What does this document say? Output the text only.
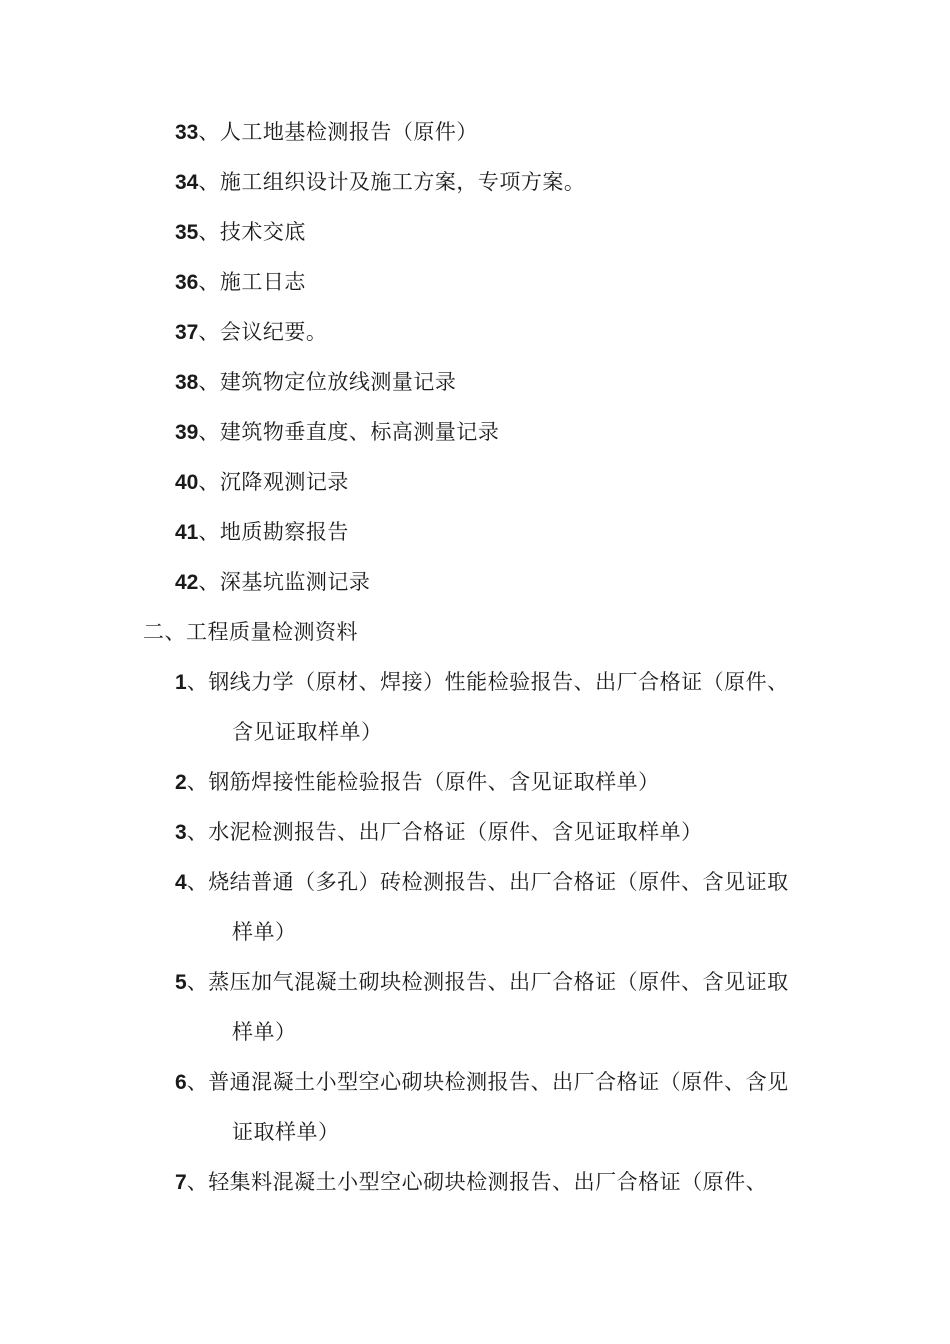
33、人工地基检测报告（原件）
34、施工组织设计及施工方案，专项方案。
35、技术交底
36、施工日志
37、会议纪要。
38、建筑物定位放线测量记录
39、建筑物垂直度、标高测量记录
40、沉降观测记录
41、地质勘察报告
42、深基坑监测记录
二、工程质量检测资料
1、钢线力学（原材、焊接）性能检验报告、出厂合格证（原件、
含见证取样单）
2、钢筋焊接性能检验报告（原件、含见证取样单）
3、水泥检测报告、出厂合格证（原件、含见证取样单）
4、烧结普通（多孔）砖检测报告、出厂合格证（原件、含见证取
样单）
5、蒸压加气混凝土砌块检测报告、出厂合格证（原件、含见证取
样单）
6、普通混凝土小型空心砌块检测报告、出厂合格证（原件、含见
证取样单）
7、轻集料混凝土小型空心砌块检测报告、出厂合格证（原件、
